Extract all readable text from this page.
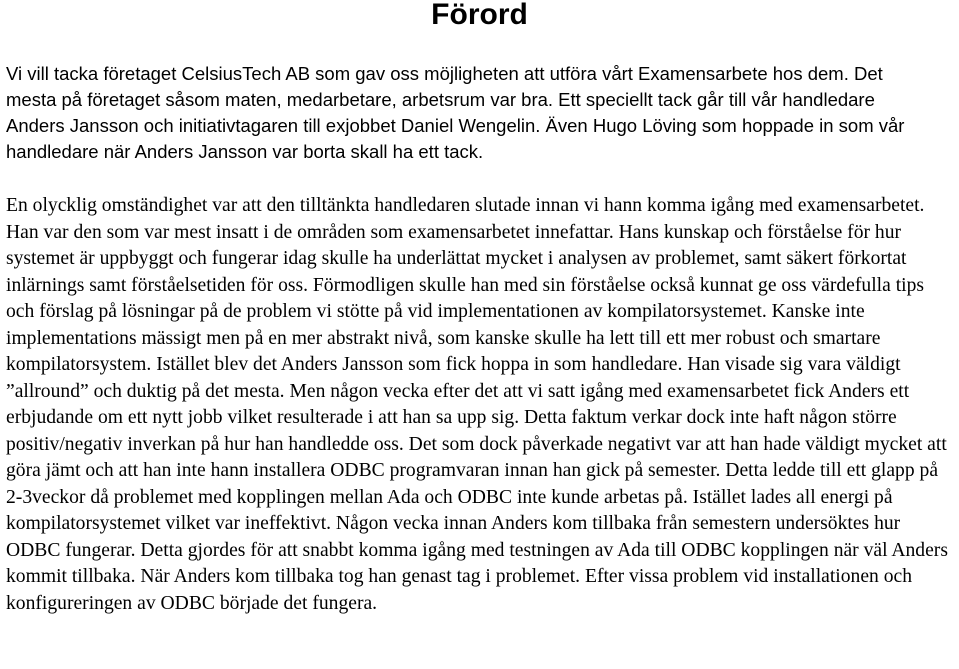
Förord

Vi vill tacka företaget CelsiusTech AB som gav oss möjligheten att utföra vårt Examensarbete hos dem. Det mesta på företaget såsom maten, medarbetare, arbetsrum var bra. Ett speciellt tack går till vår handledare Anders Jansson och initiativtagaren till exjobbet Daniel Wengelin. Även Hugo Löving som hoppade in som vår handledare när Anders Jansson var borta skall ha ett tack.

En olycklig omständighet var att den tilltänkta handledaren slutade innan vi hann komma igång med examensarbetet. Han var den som var mest insatt i de områden som examensarbetet innefattar. Hans kunskap och förståelse för hur systemet är uppbyggt och fungerar idag skulle ha underlättat mycket i analysen av problemet, samt säkert förkortat inlärnings samt förståelsetiden för oss. Förmodligen skulle han med sin förståelse också kunnat ge oss värdefulla tips och förslag på lösningar på de problem vi stötte på vid implementationen av kompilatorsystemet. Kanske inte implementations mässigt men på en mer abstrakt nivå, som kanske skulle ha lett till ett mer robust och smartare kompilatorsystem. Istället blev det Anders Jansson som fick hoppa in som handledare. Han visade sig vara väldigt ”allround” och duktig på det mesta. Men någon vecka efter det att vi satt igång med examensarbetet fick Anders ett erbjudande om ett nytt jobb vilket resulterade i att han sa upp sig. Detta faktum verkar dock inte haft någon större positiv/negativ inverkan på hur han handledde oss. Det som dock påverkade negativt var att han hade väldigt mycket att göra jämt och att han inte hann installera ODBC programvaran innan han gick på semester. Detta ledde till ett glapp på 2-3veckor då problemet med kopplingen mellan Ada och ODBC inte kunde arbetas på. Istället lades all energi på kompilatorsystemet vilket var ineffektivt. Någon vecka innan Anders kom tillbaka från semestern undersöktes hur ODBC fungerar. Detta gjordes för att snabbt komma igång med testningen av Ada till ODBC kopplingen när väl Anders kommit tillbaka. När Anders kom tillbaka tog han genast tag i problemet. Efter vissa problem vid installationen och konfigureringen av ODBC började det fungera.
